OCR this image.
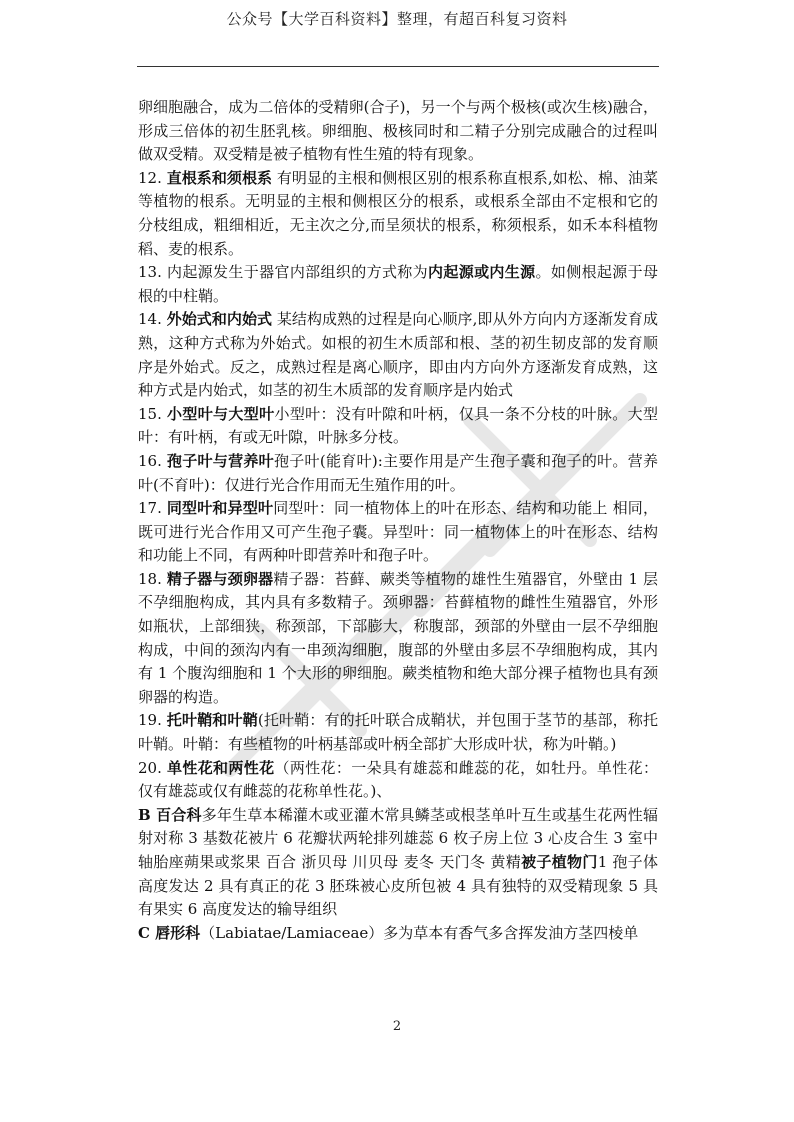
公众号【大学百科资料】整理，有超百科复习资料

卵细胞融合，成为二倍体的受精卵(合子)，另一个与两个极核(或次生核)融合，形成三倍体的初生胚乳核。卵细胞、极核同时和二精子分别完成融合的过程叫做双受精。双受精是被子植物有性生殖的特有现象。

12. 直根系和须根系 有明显的主根和侧根区别的根系称直根系,如松、棉、油菜等植物的根系。无明显的主根和侧根区分的根系，或根系全部由不定根和它的分枝组成，粗细相近，无主次之分,而呈须状的根系，称须根系，如禾本科植物稻、麦的根系。

13. 内起源发生于器官内部组织的方式称为内起源或内生源。如侧根起源于母根的中柱鞘。

14. 外始式和内始式 某结构成熟的过程是向心顺序,即从外方向内方逐渐发育成熟，这种方式称为外始式。如根的初生木质部和根、茎的初生韧皮部的发育顺序是外始式。反之，成熟过程是离心顺序，即由内方向外方逐渐发育成熟，这种方式是内始式，如茎的初生木质部的发育顺序是内始式

15. 小型叶与大型叶小型叶：没有叶隙和叶柄，仅具一条不分枝的叶脉。大型叶：有叶柄，有或无叶隙，叶脉多分枝。

16. 孢子叶与营养叶孢子叶(能育叶):主要作用是产生孢子囊和孢子的叶。营养叶(不育叶)：仅进行光合作用而无生殖作用的叶。

17. 同型叶和异型叶同型叶：同一植物体上的叶在形态、结构和功能上 相同，既可进行光合作用又可产生孢子囊。异型叶：同一植物体上的叶在形态、结构和功能上不同，有两种叶即营养叶和孢子叶。

18. 精子器与颈卵器精子器：苔藓、蕨类等植物的雄性生殖器官，外壁由 1 层不孕细胞构成，其内具有多数精子。颈卵器：苔藓植物的雌性生殖器官，外形如瓶状，上部细狭，称颈部，下部膨大，称腹部，颈部的外壁由一层不孕细胞构成，中间的颈沟内有一串颈沟细胞，腹部的外壁由多层不孕细胞构成，其内有 1 个腹沟细胞和 1 个大形的卵细胞。蕨类植物和绝大部分裸子植物也具有颈卵器的构造。

19. 托叶鞘和叶鞘(托叶鞘：有的托叶联合成鞘状，并包围于茎节的基部，称托叶鞘。叶鞘：有些植物的叶柄基部或叶柄全部扩大形成叶状，称为叶鞘。)

20. 单性花和两性花（两性花：一朵具有雄蕊和雌蕊的花，如牡丹。单性花：仅有雄蕊或仅有雌蕊的花称单性花。)、

B 百合科多年生草本稀灌木或亚灌木常具鳞茎或根茎单叶互生或基生花两性辐射对称 3 基数花被片 6 花瓣状两轮排列雄蕊 6 枚子房上位 3 心皮合生 3 室中轴胎座蒴果或浆果 百合 浙贝母 川贝母 麦冬 天门冬 黄精被子植物门1 孢子体高度发达 2 具有真正的花 3 胚珠被心皮所包被 4 具有独特的双受精现象 5 具有果实 6 高度发达的输导组织

C 唇形科（Labiatae/Lamiaceae）多为草本有香气多含挥发油方茎四棱单

2
